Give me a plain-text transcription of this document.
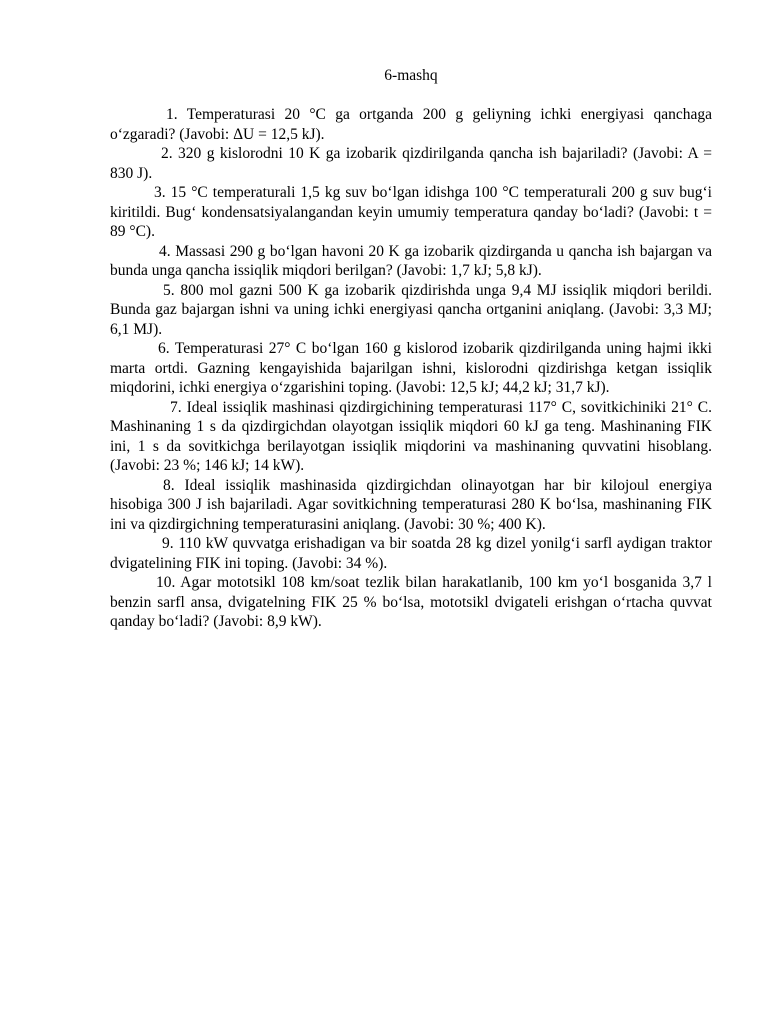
6-mashq

1. Temperaturasi 20 °C ga ortganda 200 g geliyning ichki energiyasi qanchaga o‘zgaradi? (Javobi: ΔU = 12,5 kJ).

2. 320 g kislorodni 10 K ga izobarik qizdirilganda qancha ish bajariladi? (Javobi: A = 830 J).

3. 15 °C temperaturali 1,5 kg suv bo‘lgan idishga 100 °C temperaturali 200 g suv bug‘i kiritildi. Bug‘ kondensatsiyalangandan keyin umumiy temperatura qanday bo‘ladi? (Javobi: t = 89 °C).

4. Massasi 290 g bo‘lgan havoni 20 K ga izobarik qizdirganda u qancha ish bajargan va bunda unga qancha issiqlik miqdori berilgan? (Javobi: 1,7 kJ; 5,8 kJ).

5. 800 mol gazni 500 K ga izobarik qizdirishda unga 9,4 MJ issiqlik miqdori berildi. Bunda gaz bajargan ishni va uning ichki energiyasi qancha ortganini aniqlang. (Javobi: 3,3 MJ; 6,1 MJ).

6. Temperaturasi 27° C bo‘lgan 160 g kislorod izobarik qizdirilganda uning hajmi ikki marta ortdi. Gazning kengayishida bajarilgan ishni, kislorodni qizdirishga ketgan issiqlik miqdorini, ichki energiya o‘zgarishini toping. (Javobi: 12,5 kJ; 44,2 kJ; 31,7 kJ).

7. Ideal issiqlik mashinasi qizdirgichining temperaturasi 117° C, sovitkichiniki 21° C. Mashinaning 1 s da qizdirgichdan olayotgan issiqlik miqdori 60 kJ ga teng. Mashinaning FIK ini, 1 s da sovitkichga berilayotgan issiqlik miqdorini va mashinaning quvvatini hisoblang. (Javobi: 23 %; 146 kJ; 14 kW).

8. Ideal issiqlik mashinasida qizdirgichdan olinayotgan har bir kilojoul energiya hisobiga 300 J ish bajariladi. Agar sovitkichning temperaturasi 280 K bo‘lsa, mashinaning FIK ini va qizdirgichning temperaturasini aniqlang. (Javobi: 30 %; 400 K).

9. 110 kW quvvatga erishadigan va bir soatda 28 kg dizel yonilg‘i sarfl aydigan traktor dvigatelining FIK ini toping. (Javobi: 34 %).

10. Agar mototsikl 108 km/soat tezlik bilan harakatlanib, 100 km yo‘l bosganida 3,7 l benzin sarfl ansa, dvigatelning FIK 25 % bo‘lsa, mototsikl dvigateli erishgan o‘rtacha quvvat qanday bo‘ladi? (Javobi: 8,9 kW).
